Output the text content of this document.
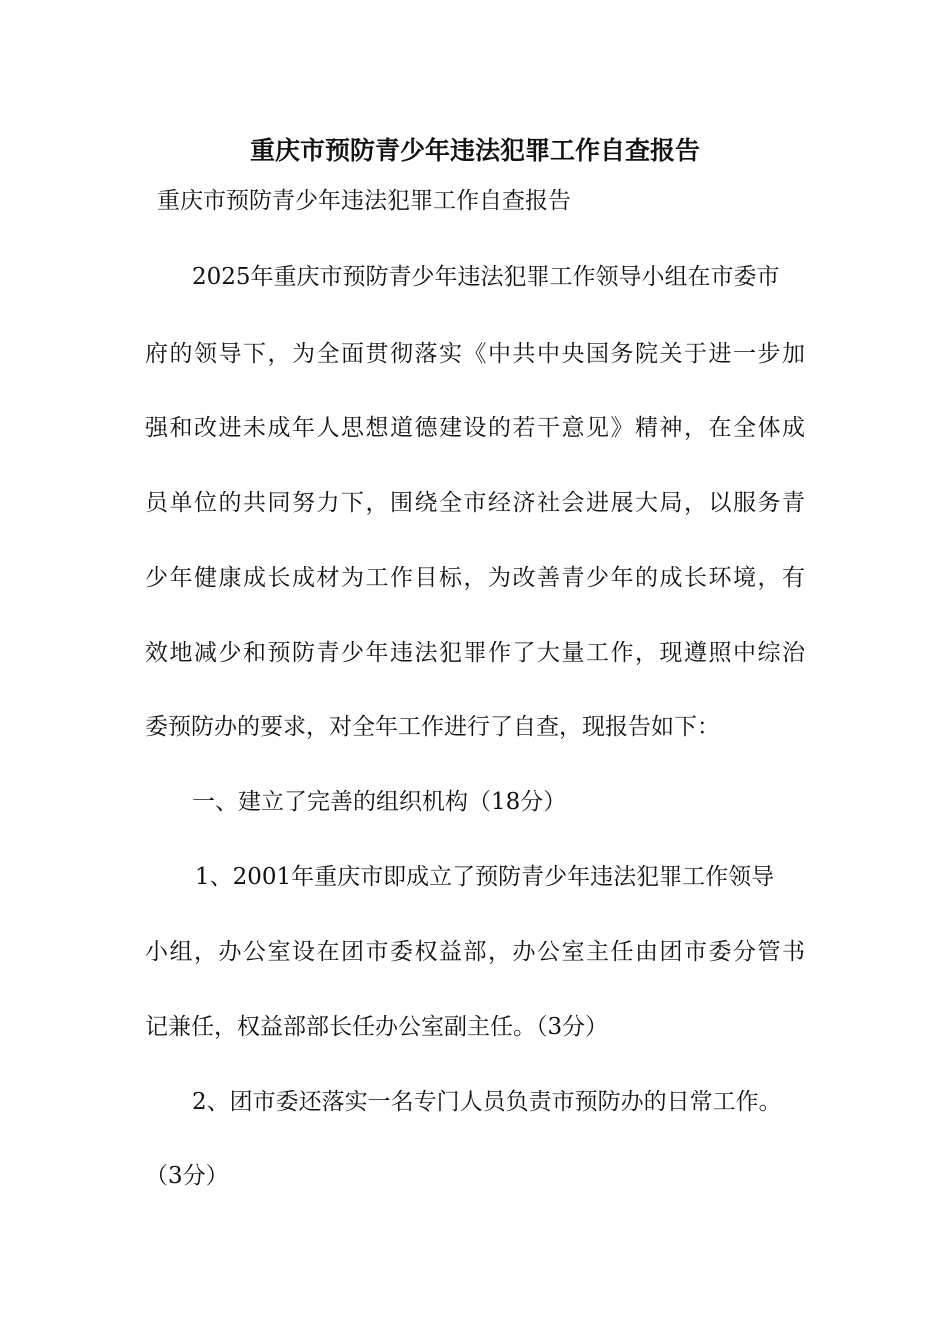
重庆市预防青少年违法犯罪工作自查报告
重庆市预防青少年违法犯罪工作自查报告
2025年重庆市预防青少年违法犯罪工作领导小组在市委市
府的领导下，为全面贯彻落实《中共中央国务院关于进一步加
强和改进未成年人思想道德建设的若干意见》精神，在全体成
员单位的共同努力下，围绕全市经济社会进展大局，以服务青
少年健康成长成材为工作目标，为改善青少年的成长环境，有
效地减少和预防青少年违法犯罪作了大量工作，现遵照中综治
委预防办的要求，对全年工作进行了自查，现报告如下：
一、建立了完善的组织机构（18分）
1、2001年重庆市即成立了预防青少年违法犯罪工作领导
小组，办公室设在团市委权益部，办公室主任由团市委分管书
记兼任，权益部部长任办公室副主任。（3分）
2、团市委还落实一名专门人员负责市预防办的日常工作。
（3分）
